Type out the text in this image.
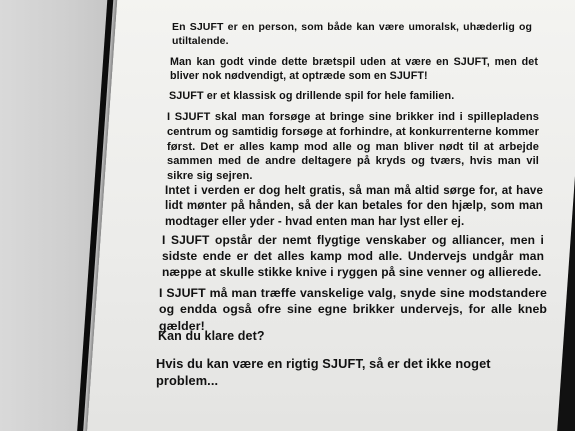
En SJUFT er en person, som både kan være umoralsk, uhæderlig og utiltalende.

Man kan godt vinde dette brætspil uden at være en SJUFT, men det bliver nok nødvendigt, at optræde som en SJUFT!

SJUFT er et klassisk og drillende spil for hele familien.

I SJUFT skal man forsøge at bringe sine brikker ind i spillepladens centrum og samtidig forsøge at forhindre, at konkurrenterne kommer først. Det er alles kamp mod alle og man bliver nødt til at arbejde sammen med de andre deltagere på kryds og tværs, hvis man vil sikre sig sejren.

Intet i verden er dog helt gratis, så man må altid sørge for, at have lidt mønter på hånden, så der kan betales for den hjælp, som man modtager eller yder - hvad enten man har lyst eller ej.

I SJUFT opstår der nemt flygtige venskaber og alliancer, men i sidste ende er det alles kamp mod alle. Undervejs undgår man næppe at skulle stikke knive i ryggen på sine venner og allierede.

I SJUFT må man træffe vanskelige valg, snyde sine modstandere og endda også ofre sine egne brikker undervejs, for alle kneb gælder!

Kan du klare det?

Hvis du kan være en rigtig SJUFT, så er det ikke noget problem...
